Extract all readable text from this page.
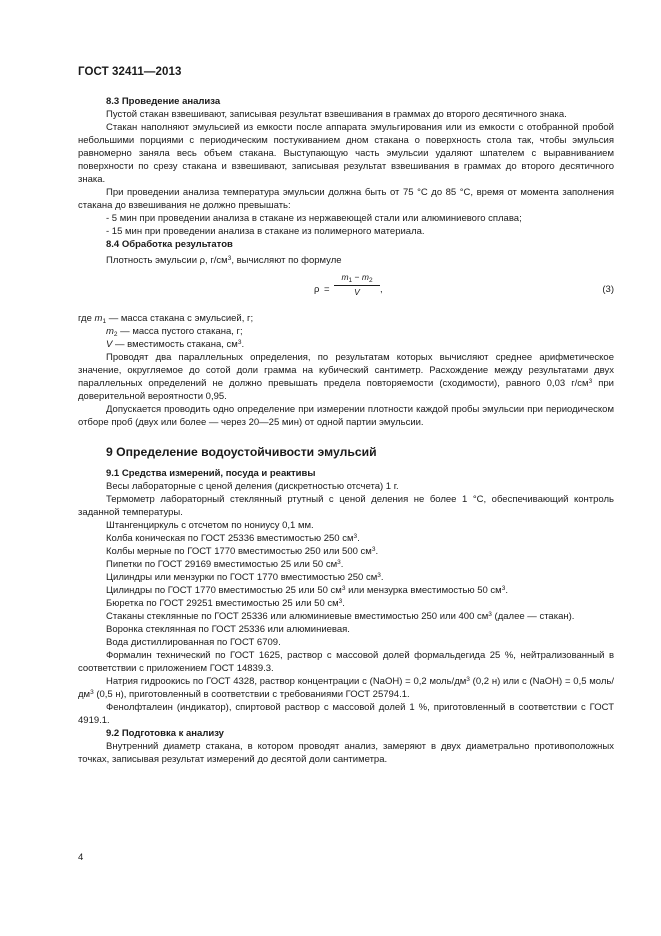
ГОСТ 32411—2013

8.3 Проведение анализа

Пустой стакан взвешивают, записывая результат взвешивания в граммах до второго десятичного знака.

Стакан наполняют эмульсией из емкости после аппарата эмульгирования или из емкости с отобранной пробой небольшими порциями с периодическим постукиванием дном стакана о поверхность стола так, чтобы эмульсия равномерно заняла весь объем стакана. Выступающую часть эмульсии удаляют шпателем с выравниванием поверхности по срезу стакана и взвешивают, записывая результат взвешивания в граммах до второго десятичного знака.

При проведении анализа температура эмульсии должна быть от 75 °С до 85 °С, время от момента заполнения стакана до взвешивания не должно превышать:

- 5 мин при проведении анализа в стакане из нержавеющей стали или алюминиевого сплава;

- 15 мин при проведении анализа в стакане из полимерного материала.

8.4 Обработка результатов

Плотность эмульсии ρ, $г/см^3$, вычисляют по формуле

$\rho = \frac{m_1 - m_2}{V}$ ,	(3)

где $m_1$ — масса стакана с эмульсией, г;

$m_2$ — масса пустого стакана, г;

V — вместимость стакана, $см^3$.

Проводят два параллельных определения, по результатам которых вычисляют среднее арифметическое значение, округляемое до сотой доли грамма на кубический сантиметр. Расхождение между результатами двух параллельных определений не должно превышать предела повторяемости (сходимости), равного 0,03 $г/см^3$ при доверительной вероятности 0,95.

Допускается проводить одно определение при измерении плотности каждой пробы эмульсии при периодическом отборе проб (двух или более — через 20—25 мин) от одной партии эмульсии.

9 Определение водоустойчивости эмульсий

9.1 Средства измерений, посуда и реактивы

Весы лабораторные с ценой деления (дискретностью отсчета) 1 г.

Термометр лабораторный стеклянный ртутный с ценой деления не более 1 °С, обеспечивающий контроль заданной температуры.

Штангенциркуль с отсчетом по нониусу 0,1 мм.

Колба коническая по ГОСТ 25336 вместимостью 250 $см^3$.

Колбы мерные по ГОСТ 1770 вместимостью 250 или 500 $см^3$.

Пипетки по ГОСТ 29169 вместимостью 25 или 50 $см^3$.

Цилиндры или мензурки по ГОСТ 1770 вместимостью 250 $см^3$.

Цилиндры по ГОСТ 1770 вместимостью 25 или 50 $см^3$ или мензурка вместимостью 50 $см^3$.

Бюретка по ГОСТ 29251 вместимостью 25 или 50 $см^3$.

Стаканы стеклянные по ГОСТ 25336 или алюминиевые вместимостью 250 или 400 $см^3$ (далее — стакан).

Воронка стеклянная по ГОСТ 25336 или алюминиевая.

Вода дистиллированная по ГОСТ 6709.

Формалин технический по ГОСТ 1625, раствор с массовой долей формальдегида 25 %, нейтрализованный в соответствии с приложением ГОСТ 14839.3.

Натрия гидроокись по ГОСТ 4328, раствор концентрации c (NaOH) = 0,2 моль/$дм^3$ (0,2 н) или c (NaOH) = 0,5 моль/$дм^3$ (0,5 н), приготовленный в соответствии с требованиями ГОСТ 25794.1.

Фенолфталеин (индикатор), спиртовой раствор с массовой долей 1 %, приготовленный в соответствии с ГОСТ 4919.1.

9.2 Подготовка к анализу

Внутренний диаметр стакана, в котором проводят анализ, замеряют в двух диаметрально противоположных точках, записывая результат измерений до десятой доли сантиметра.

4
